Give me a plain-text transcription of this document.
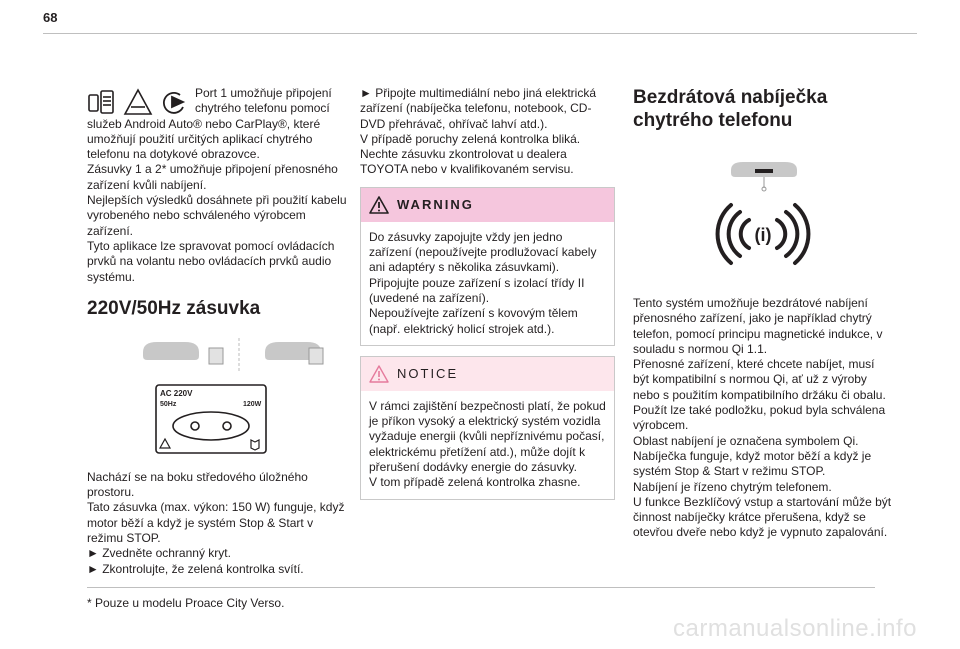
68

Port 1 umožňuje připojení
chytrého telefonu pomocí

služeb Android Auto® nebo CarPlay®, které umožňují použití určitých aplikací chytrého telefonu na dotykové obrazovce.
Zásuvky 1 a 2* umožňuje připojení přenosného zařízení kvůli nabíjení.
Nejlepších výsledků dosáhnete při použití kabelu vyrobeného nebo schváleného výrobcem zařízení.
Tyto aplikace lze spravovat pomocí ovládacích prvků na volantu nebo ovládacích prvků audio systému.

220V/50Hz zásuvka
AC 220V
50Hz	120W

Nachází se na boku středového úložného prostoru.
Tato zásuvka (max. výkon: 150 W) funguje, když motor běží a když je systém Stop & Start v režimu STOP.
► Zvedněte ochranný kryt.
► Zkontrolujte, že zelená kontrolka svítí.

► Připojte multimediální nebo jiná elektrická zařízení (nabíječka telefonu, notebook, CD-DVD přehrávač, ohřívač lahví atd.).
V případě poruchy zelená kontrolka bliká.
Nechte zásuvku zkontrolovat u dealera TOYOTA nebo v kvalifikovaném servisu.

WARNING

Do zásuvky zapojujte vždy jen jedno zařízení (nepoužívejte prodlužovací kabely ani adaptéry s několika zásuvkami).
Připojujte pouze zařízení s izolací třídy II (uvedené na zařízení).
Nepoužívejte zařízení s kovovým tělem (např. elektrický holicí strojek atd.).

NOTICE

V rámci zajištění bezpečnosti platí, že pokud je příkon vysoký a elektrický systém vozidla vyžaduje energii (kvůli nepříznivému počasí, elektrickému přetížení atd.), může dojít k přerušení dodávky energie do zásuvky.
V tom případě zelená kontrolka zhasne.

Bezdrátová nabíječka chytrého telefonu
(i)

Tento systém umožňuje bezdrátové nabíjení přenosného zařízení, jako je například chytrý telefon, pomocí principu magnetické indukce, v souladu s normou Qi 1.1.
Přenosné zařízení, které chcete nabíjet, musí být kompatibilní s normou Qi, ať už z výroby nebo s použitím kompatibilního držáku či obalu.
Použít lze také podložku, pokud byla schválena výrobcem.
Oblast nabíjení je označena symbolem Qi.
Nabíječka funguje, když motor běží a když je systém Stop & Start v režimu STOP.
Nabíjení je řízeno chytrým telefonem.
U funkce Bezklíčový vstup a startování může být činnost nabíječky krátce přerušena, když se otevřou dveře nebo když je vypnuto zapalování.

* Pouze u modelu Proace City Verso.
carmanualsonline.info
